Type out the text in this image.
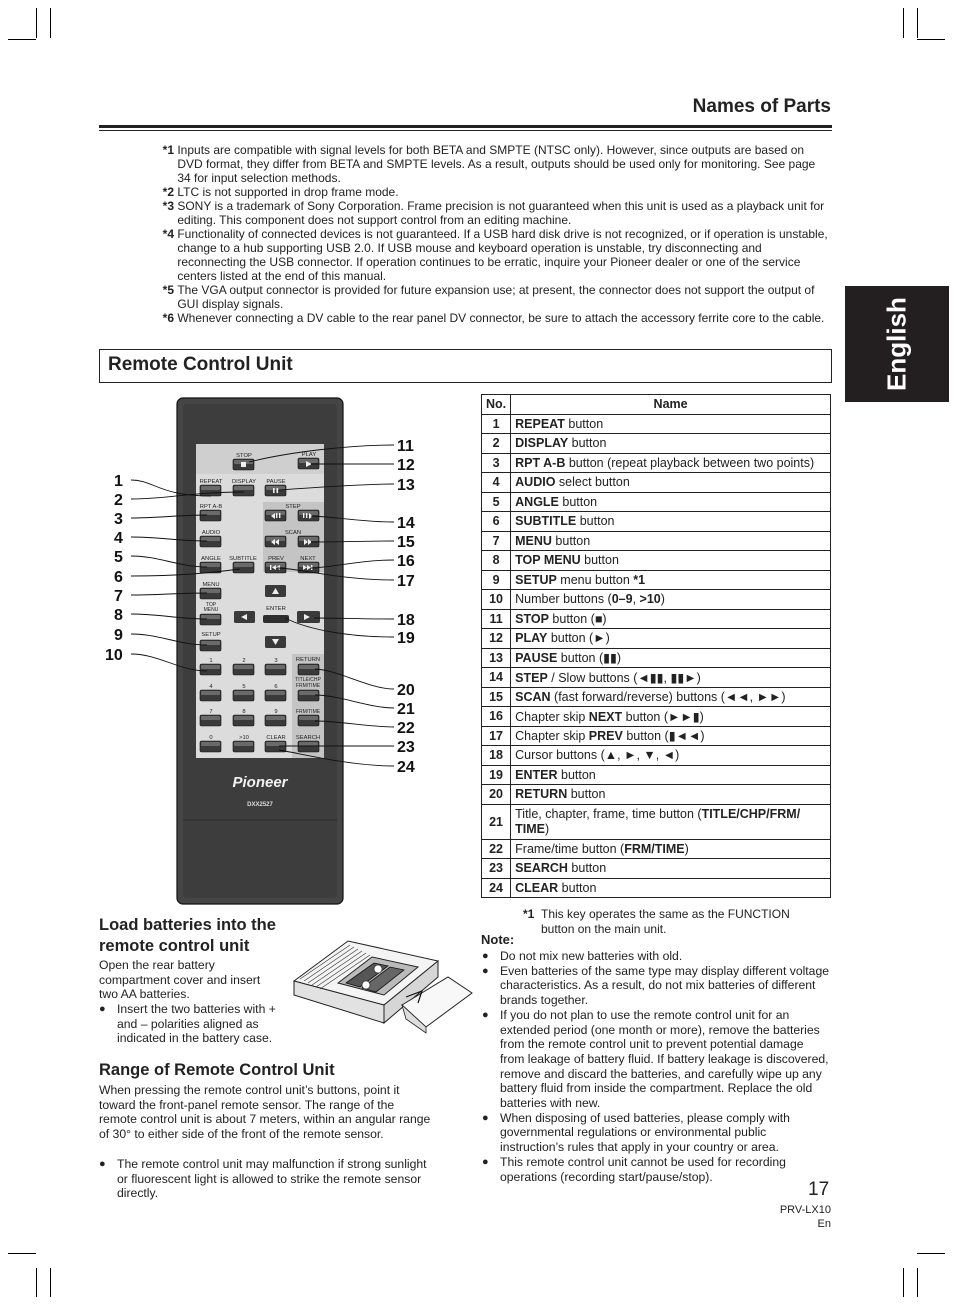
Names of Parts
English
*1
Inputs are compatible with signal levels for both BETA and SMPTE (NTSC only). However, since outputs are based on DVD format, they differ from BETA and SMPTE levels. As a result, outputs should be used only for monitoring. See page 34 for input selection methods.
*2
LTC is not supported in drop frame mode.
*3
SONY is a trademark of Sony Corporation. Frame precision is not guaranteed when this unit is used as a playback unit for editing. This component does not support control from an editing machine.
*4
Functionality of connected devices is not guaranteed. If a USB hard disk drive is not recognized, or if operation is unstable, change to a hub supporting USB 2.0. If USB mouse and keyboard operation is unstable, try disconnecting and reconnecting the USB connector. If operation continues to be erratic, inquire your Pioneer dealer or one of the service centers listed at the end of this manual.
*5
The VGA output connector is provided for future expansion use; at present, the connector does not support the output of GUI display signals.
*6
Whenever connecting a DV cable to the rear panel DV connector, be sure to attach the accessory ferrite core to the cable.
Remote Control Unit
STOP	PLAY
REPEAT DISPLAY PAUSE
RPT A-B	STEP
AUDIO	SCAN
ANGLE SUBTITLE PREV	NEXT
MENU
TOP
MENU	ENTER
SETUP
1	2	3	RETURN
4	5	6
TITLE/CHP
FRM/TIME
7	8	9	FRM/TIME
0	>10	CLEAR SEARCH
Pioneer
DXX2527
1
2
3
4
5
6
7
8
9
10
11
12
13
14
15
16
17
18
19
20
21
22
23
24
No.	Name
1	REPEAT button
2	DISPLAY button
3	RPT A-B button (repeat playback between two points)
4	AUDIO select button
5	ANGLE button
6	SUBTITLE button
7	MENU button
8	TOP MENU button
9	SETUP menu button *1
10	Number buttons (0–9, >10)
11	STOP button (■)
12	PLAY button (►)
13	PAUSE button (▮▮)
14	STEP / Slow buttons (◄▮▮, ▮▮►)
15	SCAN (fast forward/reverse) buttons (◄◄, ►►)
16	Chapter skip NEXT button (►►▮)
17	Chapter skip PREV button (▮◄◄)
18	Cursor buttons (▲, ►, ▼, ◄)
19	ENTER button
20	RETURN button
21	Title, chapter, frame, time button (TITLE/CHP/FRM/ TIME)
22	Frame/time button (FRM/TIME)
23	SEARCH button
24	CLEAR button
*1 This key operates the same as the FUNCTION button on the main unit.
Load batteries into the
remote control unit

Open the rear battery compartment cover and insert two AA batteries.

● Insert the two batteries with + and – polarities aligned as indicated in the battery case.
Range of Remote Control Unit

When pressing the remote control unit’s buttons, point it toward the front-panel remote sensor. The range of the remote control unit is about 7 meters, within an angular range of 30° to either side of the front of the remote sensor.

● The remote control unit may malfunction if strong sunlight or fluorescent light is allowed to strike the remote sensor directly.
Note:
● Do not mix new batteries with old.
● Even batteries of the same type may display different voltage characteristics. As a result, do not mix batteries of different brands together.
● If you do not plan to use the remote control unit for an extended period (one month or more), remove the batteries from the remote control unit to prevent potential damage from leakage of battery fluid. If battery leakage is discovered, remove and discard the batteries, and carefully wipe up any battery fluid from inside the compartment. Replace the old batteries with new.
● When disposing of used batteries, please comply with governmental regulations or environmental public instruction’s rules that apply in your country or area.
● This remote control unit cannot be used for recording operations (recording start/pause/stop).
17
PRV-LX10
En
